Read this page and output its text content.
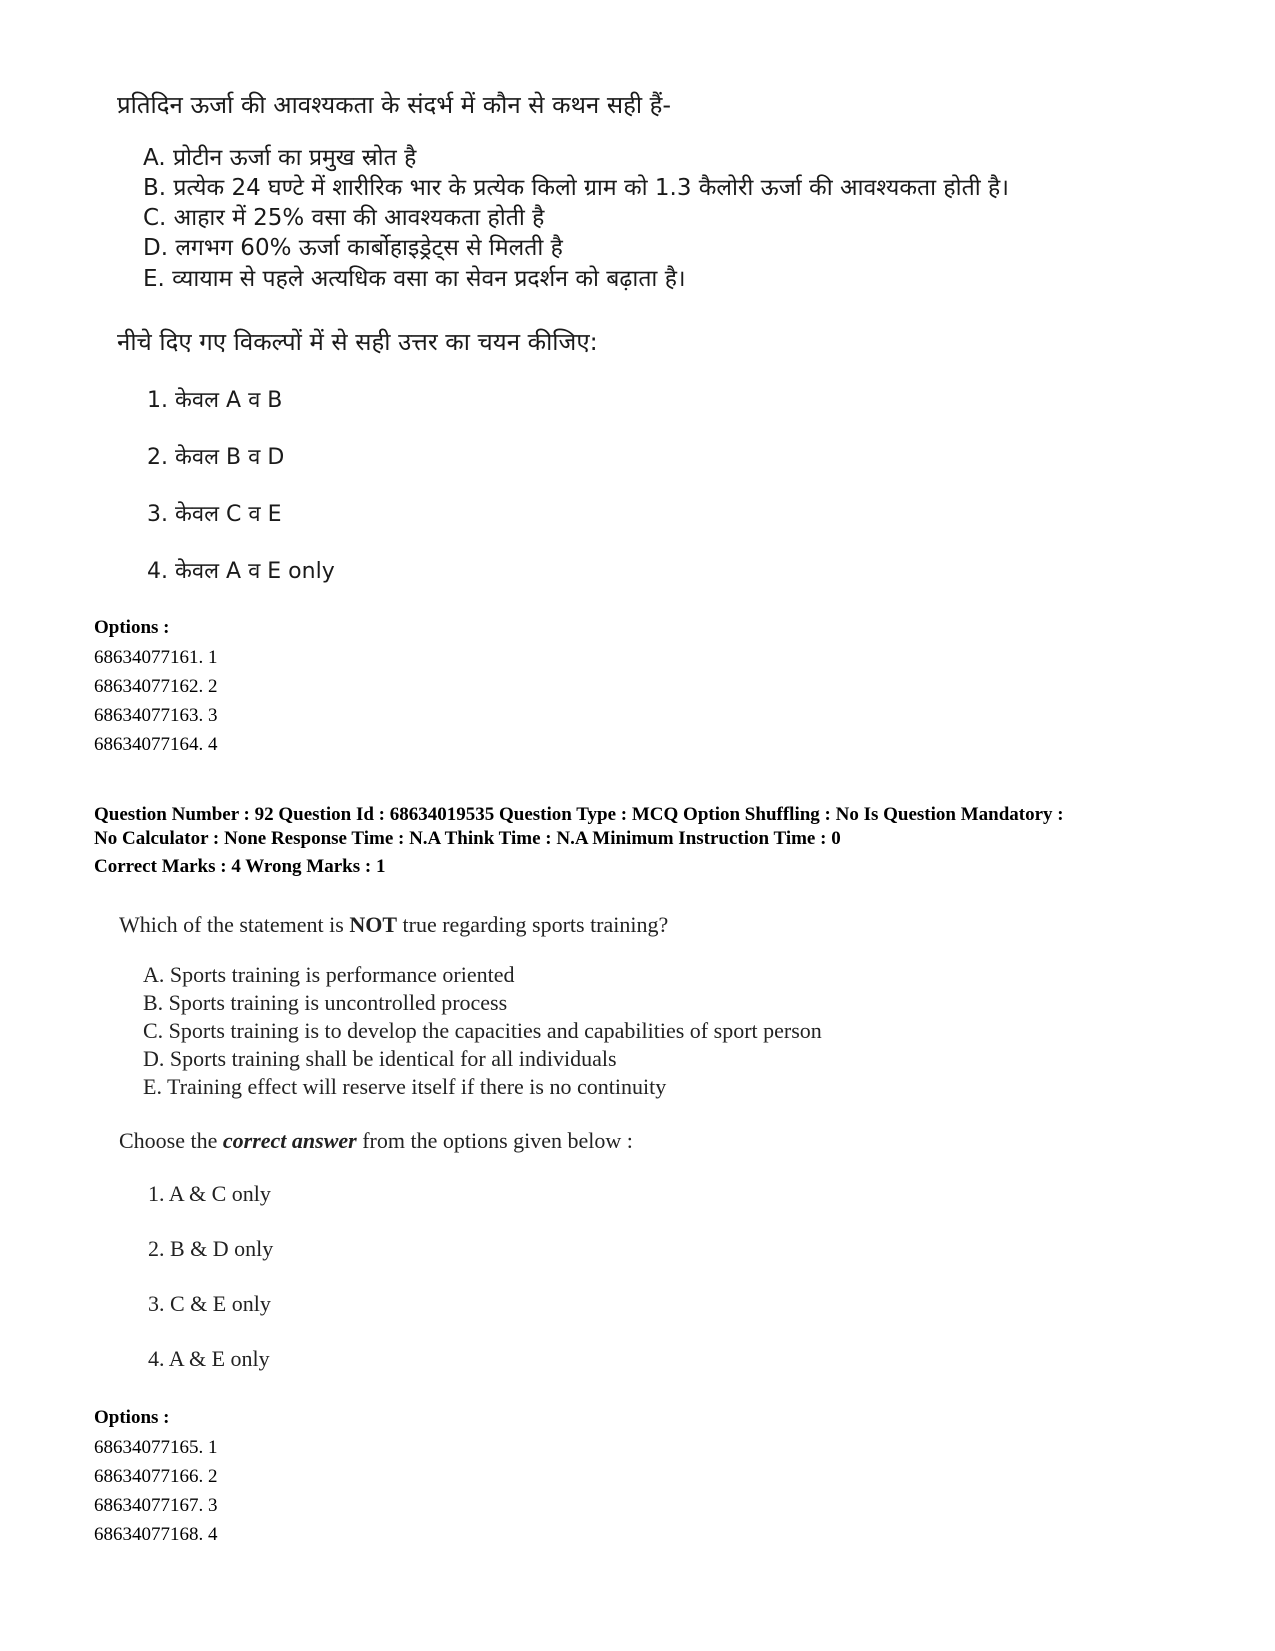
प्रतिदिन ऊर्जा की आवश्यकता के संदर्भ में कौन से कथन सही हैं-
A. प्रोटीन ऊर्जा का प्रमुख स्रोत है
B. प्रत्येक 24 घण्टे में शारीरिक भार के प्रत्येक किलो ग्राम को 1.3 कैलोरी ऊर्जा की आवश्यकता होती है।
C. आहार में 25% वसा की आवश्यकता होती है
D. लगभग 60% ऊर्जा कार्बोहाइड्रेट्स से मिलती है
E. व्यायाम से पहले अत्यधिक वसा का सेवन प्रदर्शन को बढ़ाता है।
नीचे दिए गए विकल्पों में से सही उत्तर का चयन कीजिए:
1. केवल A व B
2. केवल B व D
3. केवल C व E
4. केवल A व E only
Options :
68634077161. 1
68634077162. 2
68634077163. 3
68634077164. 4
Question Number : 92 Question Id : 68634019535 Question Type : MCQ Option Shuffling : No Is Question Mandatory :
No Calculator : None Response Time : N.A Think Time : N.A Minimum Instruction Time : 0
Correct Marks : 4 Wrong Marks : 1
Which of the statement is NOT true regarding sports training?
A. Sports training is performance oriented
B. Sports training is uncontrolled process
C. Sports training is to develop the capacities and capabilities of sport person
D. Sports training shall be identical for all individuals
E. Training effect will reserve itself if there is no continuity
Choose the correct answer from the options given below :
1. A & C only
2. B & D only
3. C & E only
4. A & E only
Options :
68634077165. 1
68634077166. 2
68634077167. 3
68634077168. 4
